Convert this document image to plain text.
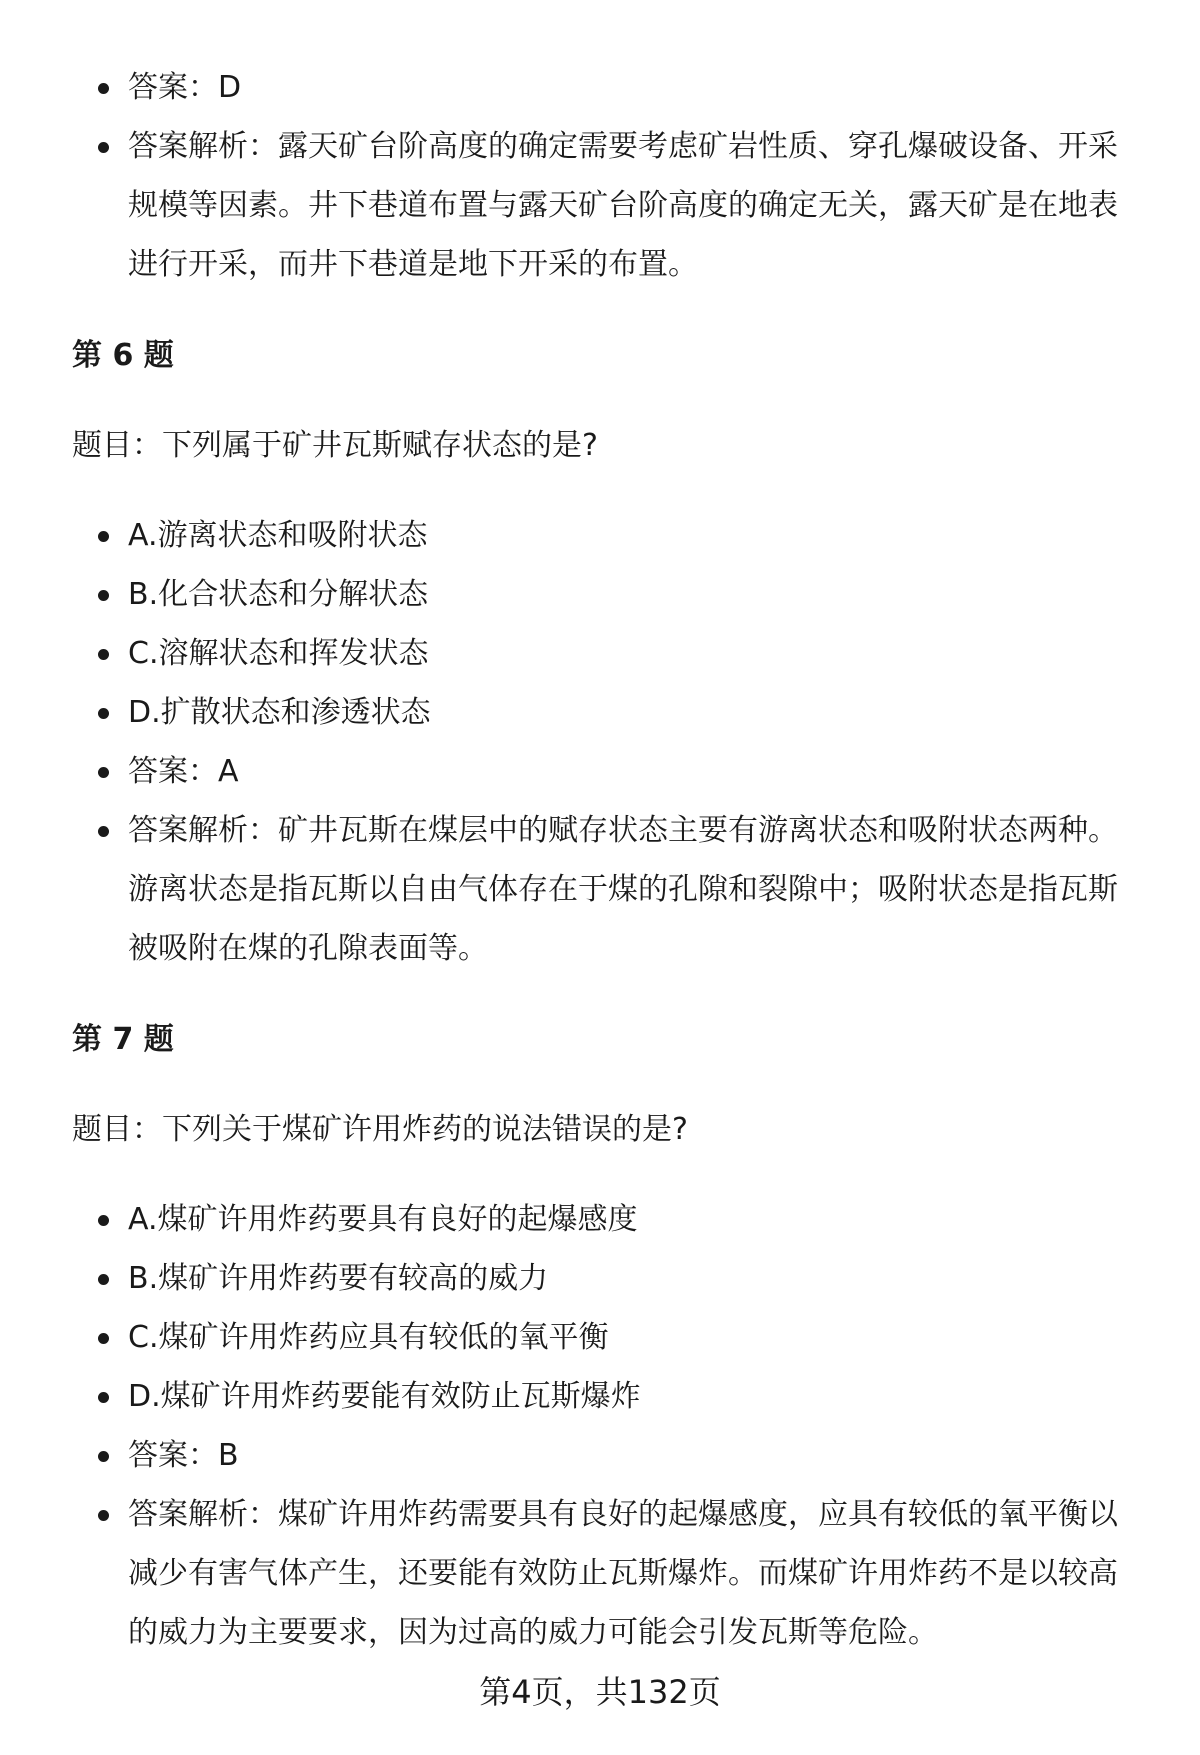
答案：D
答案解析：露天矿台阶高度的确定需要考虑矿岩性质、穿孔爆破设备、开采规模等因素。井下巷道布置与露天矿台阶高度的确定无关，露天矿是在地表进行开采，而井下巷道是地下开采的布置。
第 6 题
题目：下列属于矿井瓦斯赋存状态的是?
A.游离状态和吸附状态
B.化合状态和分解状态
C.溶解状态和挥发状态
D.扩散状态和渗透状态
答案：A
答案解析：矿井瓦斯在煤层中的赋存状态主要有游离状态和吸附状态两种。游离状态是指瓦斯以自由气体存在于煤的孔隙和裂隙中；吸附状态是指瓦斯被吸附在煤的孔隙表面等。
第 7 题
题目：下列关于煤矿许用炸药的说法错误的是?
A.煤矿许用炸药要具有良好的起爆感度
B.煤矿许用炸药要有较高的威力
C.煤矿许用炸药应具有较低的氧平衡
D.煤矿许用炸药要能有效防止瓦斯爆炸
答案：B
答案解析：煤矿许用炸药需要具有良好的起爆感度，应具有较低的氧平衡以减少有害气体产生，还要能有效防止瓦斯爆炸。而煤矿许用炸药不是以较高的威力为主要要求，因为过高的威力可能会引发瓦斯等危险。
第4页，共132页
